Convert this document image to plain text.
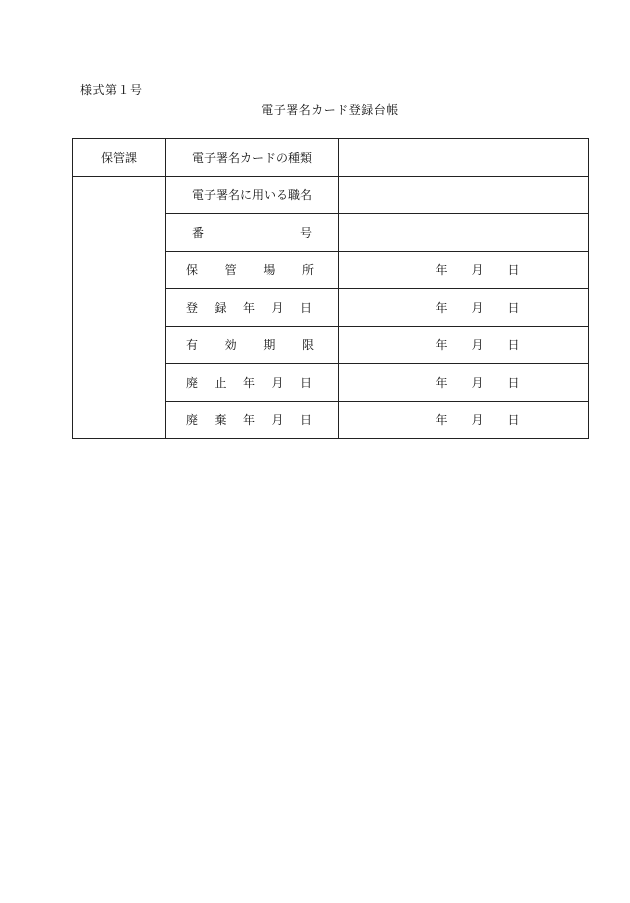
様式第１号
電子署名カード登録台帳
保管課	電子署名カードの種類	
	電子署名に用いる職名	

	番 号	

	保 管 場 所	年 月 日

	登 録 年 月 日	年 月 日

	有 効 期 限	年 月 日

	廃 止 年 月 日	年 月 日

	廃 棄 年 月 日	年 月 日
